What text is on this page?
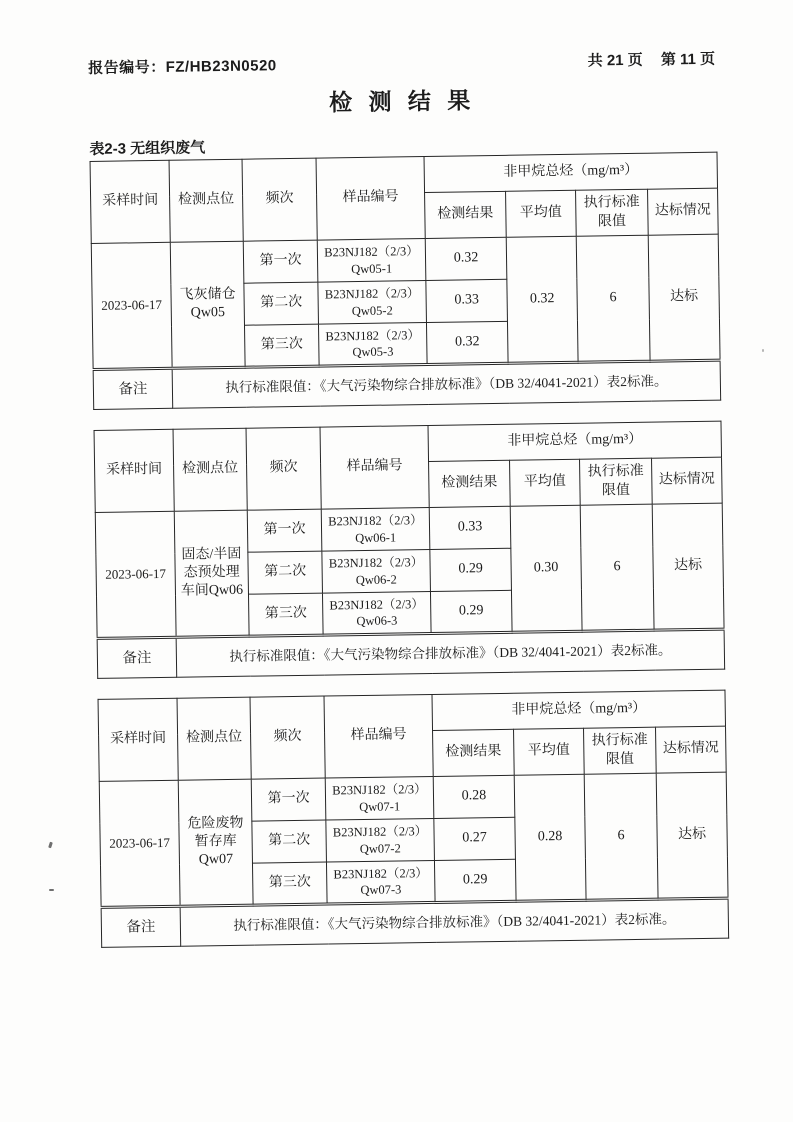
报告编号：FZ/HB23N0520	共 21 页 第 11 页
检 测 结 果
表2-3 无组织废气
采样时间	检测点位	频次	样品编号	非甲烷总烃（mg/m³）			
				检测结果	平均值	执行标准限值	达标情况
2023-06-17	飞灰储仓Qw05	第一次	B23NJ182（2/3）
Qw05-1	0.32	0.32	6	达标
		第二次	B23NJ182（2/3）
Qw05-2	0.33			
		第三次	B23NJ182（2/3）
Qw05-3	0.32			
备注	执行标准限值：《大气污染物综合排放标准》（DB 32/4041-2021）表2标准。						
采样时间	检测点位	频次	样品编号	非甲烷总烃（mg/m³）			
				检测结果	平均值	执行标准限值	达标情况
2023-06-17	固态/半固态预处理车间Qw06	第一次	B23NJ182（2/3）
Qw06-1	0.33	0.30	6	达标
		第二次	B23NJ182（2/3）
Qw06-2	0.29			
		第三次	B23NJ182（2/3）
Qw06-3	0.29			
备注	执行标准限值：《大气污染物综合排放标准》（DB 32/4041-2021）表2标准。						
采样时间	检测点位	频次	样品编号	非甲烷总烃（mg/m³）			
				检测结果	平均值	执行标准限值	达标情况
2023-06-17	危险废物暂存库Qw07	第一次	B23NJ182（2/3）
Qw07-1	0.28	0.28	6	达标
		第二次	B23NJ182（2/3）
Qw07-2	0.27			
		第三次	B23NJ182（2/3）
Qw07-3	0.29			
备注	执行标准限值：《大气污染物综合排放标准》（DB 32/4041-2021）表2标准。						
